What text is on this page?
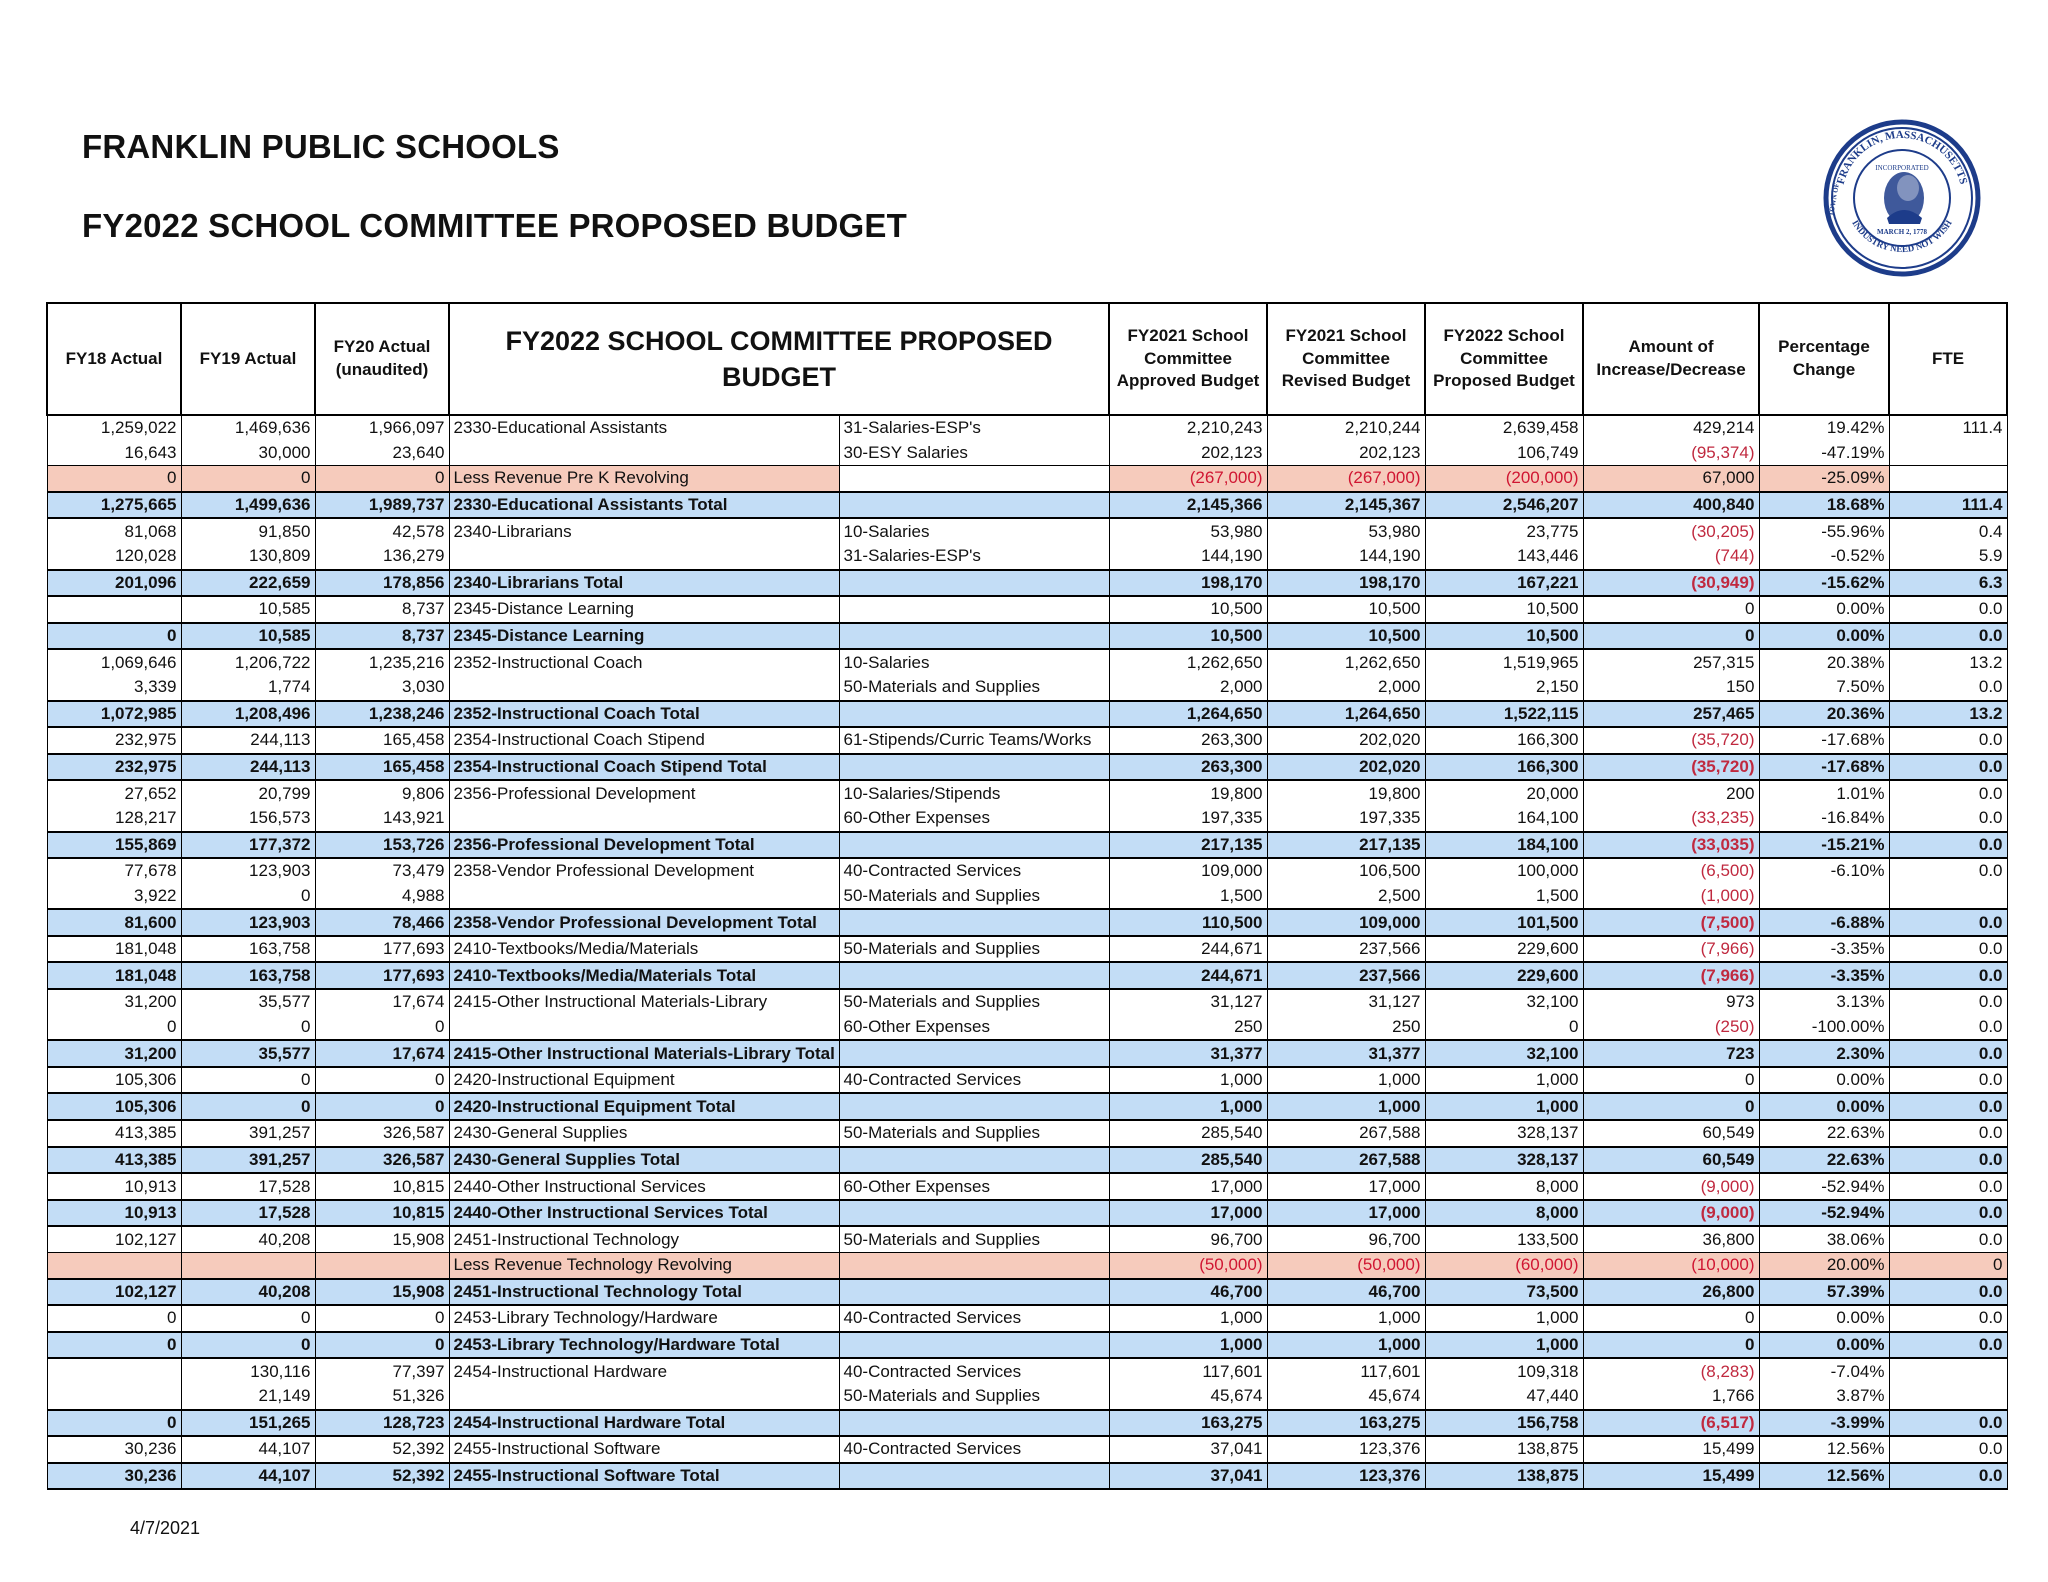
FRANKLIN PUBLIC SCHOOLS
FY2022 SCHOOL COMMITTEE PROPOSED BUDGET
FRANKLIN, MASSACHUSETTS
INDUSTRY NEED NOT WISH
INCORPORATED
MARCH 2, 1778
TOWN OF
FY18 Actual	FY19 Actual	FY20 Actual (unaudited)	FY2022 SCHOOL COMMITTEE PROPOSED BUDGET		FY2021 School Committee Approved Budget	FY2021 School Committee Revised Budget	FY2022 School Committee Proposed Budget	Amount of Increase/Decrease	Percentage Change	FTE
1,259,022	1,469,636	1,966,097	2330-Educational Assistants	31-Salaries-ESP's	2,210,243	2,210,244	2,639,458	429,214	19.42%	111.4
16,643	30,000	23,640		30-ESY Salaries	202,123	202,123	106,749	(95,374)	-47.19%	
0	0	0	Less Revenue Pre K Revolving		(267,000)	(267,000)	(200,000)	67,000	-25.09%	
1,275,665	1,499,636	1,989,737	2330-Educational Assistants Total		2,145,366	2,145,367	2,546,207	400,840	18.68%	111.4
81,068	91,850	42,578	2340-Librarians	10-Salaries	53,980	53,980	23,775	(30,205)	-55.96%	0.4
120,028	130,809	136,279		31-Salaries-ESP's	144,190	144,190	143,446	(744)	-0.52%	5.9
201,096	222,659	178,856	2340-Librarians Total		198,170	198,170	167,221	(30,949)	-15.62%	6.3
	10,585	8,737	2345-Distance Learning		10,500	10,500	10,500	0	0.00%	0.0
0	10,585	8,737	2345-Distance Learning		10,500	10,500	10,500	0	0.00%	0.0
1,069,646	1,206,722	1,235,216	2352-Instructional Coach	10-Salaries	1,262,650	1,262,650	1,519,965	257,315	20.38%	13.2
3,339	1,774	3,030		50-Materials and Supplies	2,000	2,000	2,150	150	7.50%	0.0
1,072,985	1,208,496	1,238,246	2352-Instructional Coach Total		1,264,650	1,264,650	1,522,115	257,465	20.36%	13.2
232,975	244,113	165,458	2354-Instructional Coach Stipend	61-Stipends/Curric Teams/Works	263,300	202,020	166,300	(35,720)	-17.68%	0.0
232,975	244,113	165,458	2354-Instructional Coach Stipend Total		263,300	202,020	166,300	(35,720)	-17.68%	0.0
27,652	20,799	9,806	2356-Professional Development	10-Salaries/Stipends	19,800	19,800	20,000	200	1.01%	0.0
128,217	156,573	143,921		60-Other Expenses	197,335	197,335	164,100	(33,235)	-16.84%	0.0
155,869	177,372	153,726	2356-Professional Development Total		217,135	217,135	184,100	(33,035)	-15.21%	0.0
77,678	123,903	73,479	2358-Vendor Professional Development	40-Contracted Services	109,000	106,500	100,000	(6,500)	-6.10%	0.0
3,922	0	4,988		50-Materials and Supplies	1,500	2,500	1,500	(1,000)		
81,600	123,903	78,466	2358-Vendor Professional Development Total		110,500	109,000	101,500	(7,500)	-6.88%	0.0
181,048	163,758	177,693	2410-Textbooks/Media/Materials	50-Materials and Supplies	244,671	237,566	229,600	(7,966)	-3.35%	0.0
181,048	163,758	177,693	2410-Textbooks/Media/Materials Total		244,671	237,566	229,600	(7,966)	-3.35%	0.0
31,200	35,577	17,674	2415-Other Instructional Materials-Library	50-Materials and Supplies	31,127	31,127	32,100	973	3.13%	0.0
0	0	0		60-Other Expenses	250	250	0	(250)	-100.00%	0.0
31,200	35,577	17,674	2415-Other Instructional Materials-Library Total		31,377	31,377	32,100	723	2.30%	0.0
105,306	0	0	2420-Instructional Equipment	40-Contracted Services	1,000	1,000	1,000	0	0.00%	0.0
105,306	0	0	2420-Instructional Equipment Total		1,000	1,000	1,000	0	0.00%	0.0
413,385	391,257	326,587	2430-General Supplies	50-Materials and Supplies	285,540	267,588	328,137	60,549	22.63%	0.0
413,385	391,257	326,587	2430-General Supplies Total		285,540	267,588	328,137	60,549	22.63%	0.0
10,913	17,528	10,815	2440-Other Instructional Services	60-Other Expenses	17,000	17,000	8,000	(9,000)	-52.94%	0.0
10,913	17,528	10,815	2440-Other Instructional Services Total		17,000	17,000	8,000	(9,000)	-52.94%	0.0
102,127	40,208	15,908	2451-Instructional Technology	50-Materials and Supplies	96,700	96,700	133,500	36,800	38.06%	0.0
			Less Revenue Technology Revolving		(50,000)	(50,000)	(60,000)	(10,000)	20.00%	0
102,127	40,208	15,908	2451-Instructional Technology Total		46,700	46,700	73,500	26,800	57.39%	0.0
0	0	0	2453-Library Technology/Hardware	40-Contracted Services	1,000	1,000	1,000	0	0.00%	0.0
0	0	0	2453-Library Technology/Hardware Total		1,000	1,000	1,000	0	0.00%	0.0
	130,116	77,397	2454-Instructional Hardware	40-Contracted Services	117,601	117,601	109,318	(8,283)	-7.04%	
	21,149	51,326		50-Materials and Supplies	45,674	45,674	47,440	1,766	3.87%	
0	151,265	128,723	2454-Instructional Hardware Total		163,275	163,275	156,758	(6,517)	-3.99%	0.0
30,236	44,107	52,392	2455-Instructional Software	40-Contracted Services	37,041	123,376	138,875	15,499	12.56%	0.0
30,236	44,107	52,392	2455-Instructional Software Total		37,041	123,376	138,875	15,499	12.56%	0.0
4/7/2021
